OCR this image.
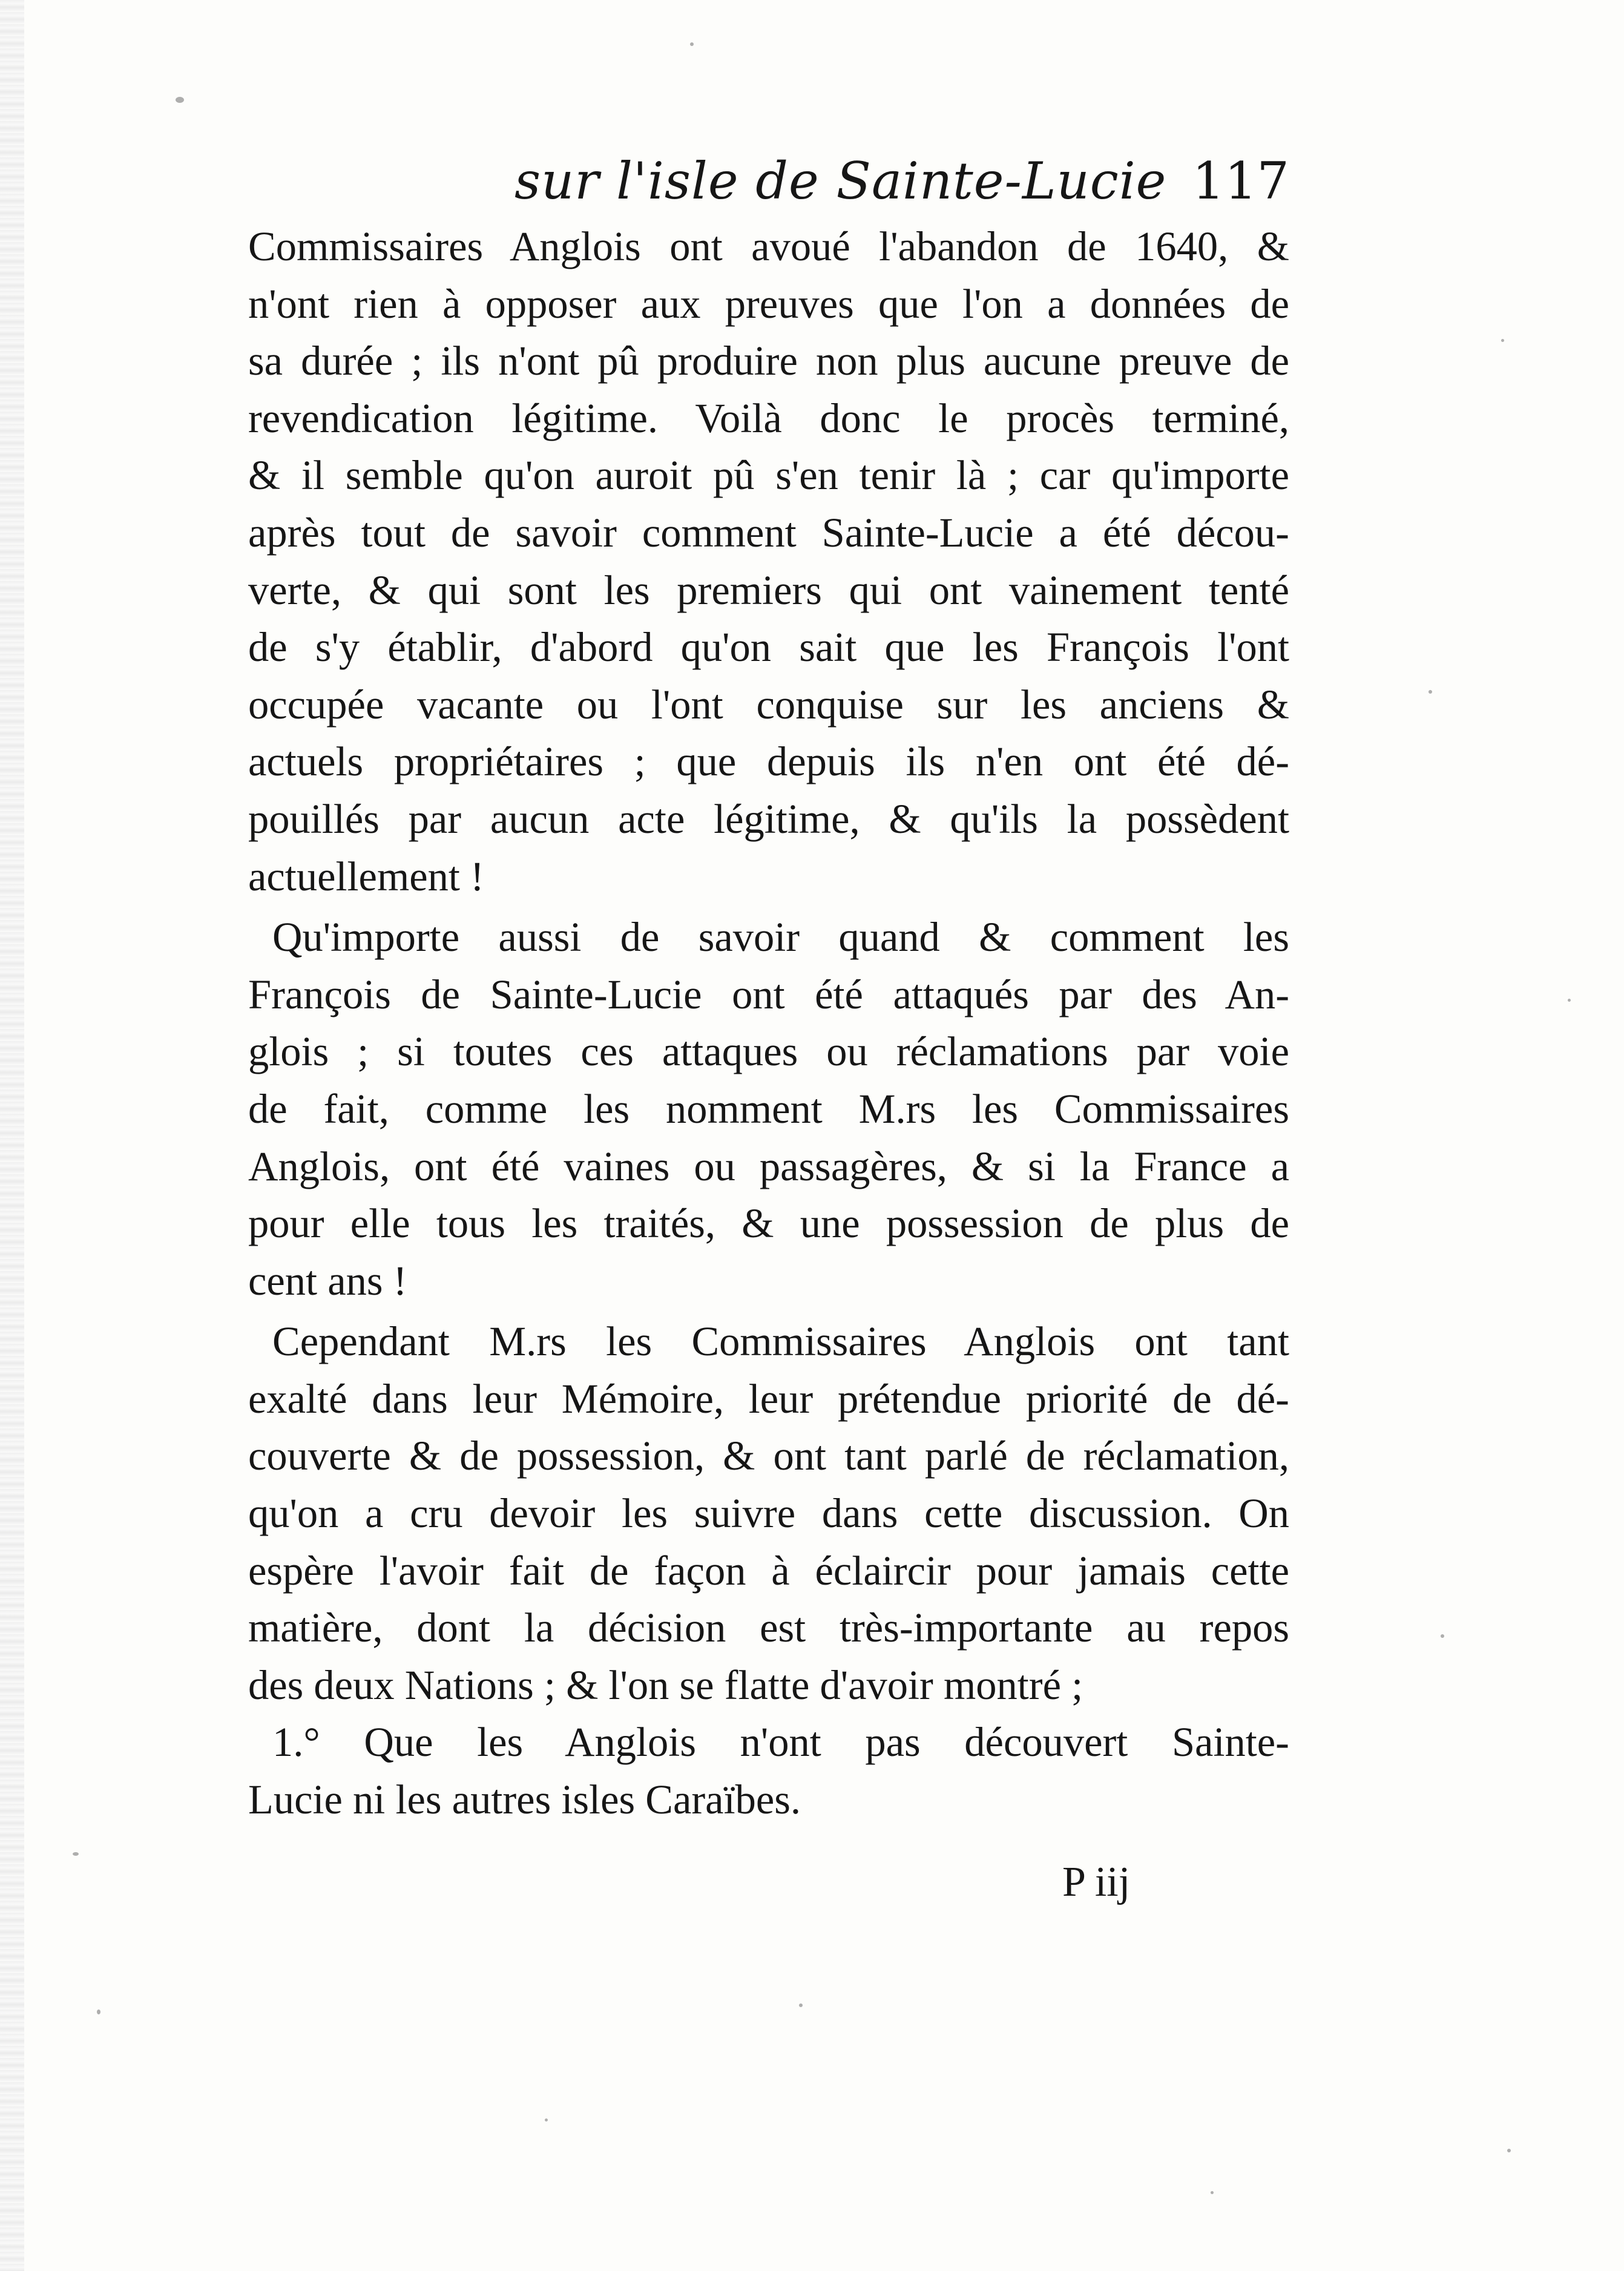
sur l'isle de Sainte-Lucie 117
Commissaires Anglois ont avoué l'abandon de 1640, &
n'ont rien à opposer aux preuves que l'on a données de
sa durée ; ils n'ont pû produire non plus aucune preuve de
revendication légitime. Voilà donc le procès terminé,
& il semble qu'on auroit pû s'en tenir là ; car qu'importe
après tout de savoir comment Sainte-Lucie a été décou-
verte, & qui sont les premiers qui ont vainement tenté
de s'y établir, d'abord qu'on sait que les François l'ont
occupée vacante ou l'ont conquise sur les anciens &
actuels propriétaires ; que depuis ils n'en ont été dé-
pouillés par aucun acte légitime, & qu'ils la possèdent
actuellement !
Qu'importe aussi de savoir quand & comment les
François de Sainte-Lucie ont été attaqués par des An-
glois ; si toutes ces attaques ou réclamations par voie
de fait, comme les nomment M.rs les Commissaires
Anglois, ont été vaines ou passagères, & si la France a
pour elle tous les traités, & une possession de plus de
cent ans !
Cependant M.rs les Commissaires Anglois ont tant
exalté dans leur Mémoire, leur prétendue priorité de dé-
couverte & de possession, & ont tant parlé de réclamation,
qu'on a cru devoir les suivre dans cette discussion. On
espère l'avoir fait de façon à éclaircir pour jamais cette
matière, dont la décision est très-importante au repos
des deux Nations ; & l'on se flatte d'avoir montré ;
1.° Que les Anglois n'ont pas découvert Sainte-
Lucie ni les autres isles Caraïbes.
P iij
